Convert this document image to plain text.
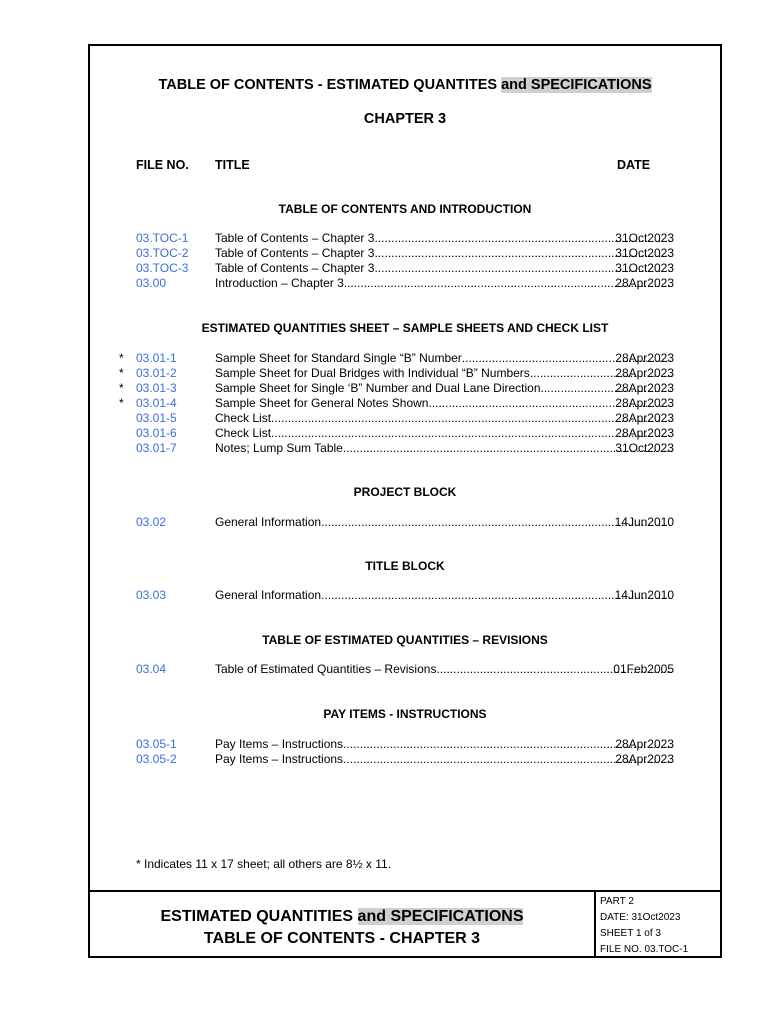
TABLE OF CONTENTS - ESTIMATED QUANTITES and SPECIFICATIONS
CHAPTER 3
FILE NO. TITLE	DATE
03.TOC-1 Table of Contents – Chapter 3 .....	31Oct2023
03.TOC-2 Table of Contents – Chapter 3 .....	31Oct2023
03.TOC-3 Table of Contents – Chapter 3 .....	31Oct2023
03.00	Introduction – Chapter 3 .....	28Apr2023
* 03.01-1	Sample Sheet for Standard Single “B” Number .....	28Apr2023
* 03.01-2	Sample Sheet for Dual Bridges with Individual “B” Numbers .....	28Apr2023
* 03.01-3	Sample Sheet for Single ‘B” Number and Dual Lane Direction .....	28Apr2023
* 03.01-4	Sample Sheet for General Notes Shown .....	28Apr2023
03.01-5	Check List .....	28Apr2023
03.01-6	Check List .....	28Apr2023
03.01-7	Notes; Lump Sum Table .....	31Oct2023
03.02	General Information .....	14Jun2010
03.03	General Information .....	14Jun2010
03.04	Table of Estimated Quantities – Revisions .....	01Feb2005
03.05-1	Pay Items – Instructions .....	28Apr2023
03.05-2	Pay Items – Instructions .....	28Apr2023
* Indicates 11 x 17 sheet; all others are 8½ x 11.
ESTIMATED QUANTITIES and SPECIFICATIONS
TABLE OF CONTENTS - CHAPTER 3
PART 2
DATE: 31Oct2023
SHEET 1 of 3
FILE NO. 03.TOC-1
TABLE OF CONTENTS AND INTRODUCTION
ESTIMATED QUANTITIES SHEET – SAMPLE SHEETS AND CHECK LIST
PROJECT BLOCK
TITLE BLOCK
TABLE OF ESTIMATED QUANTITIES – REVISIONS
PAY ITEMS - INSTRUCTIONS
